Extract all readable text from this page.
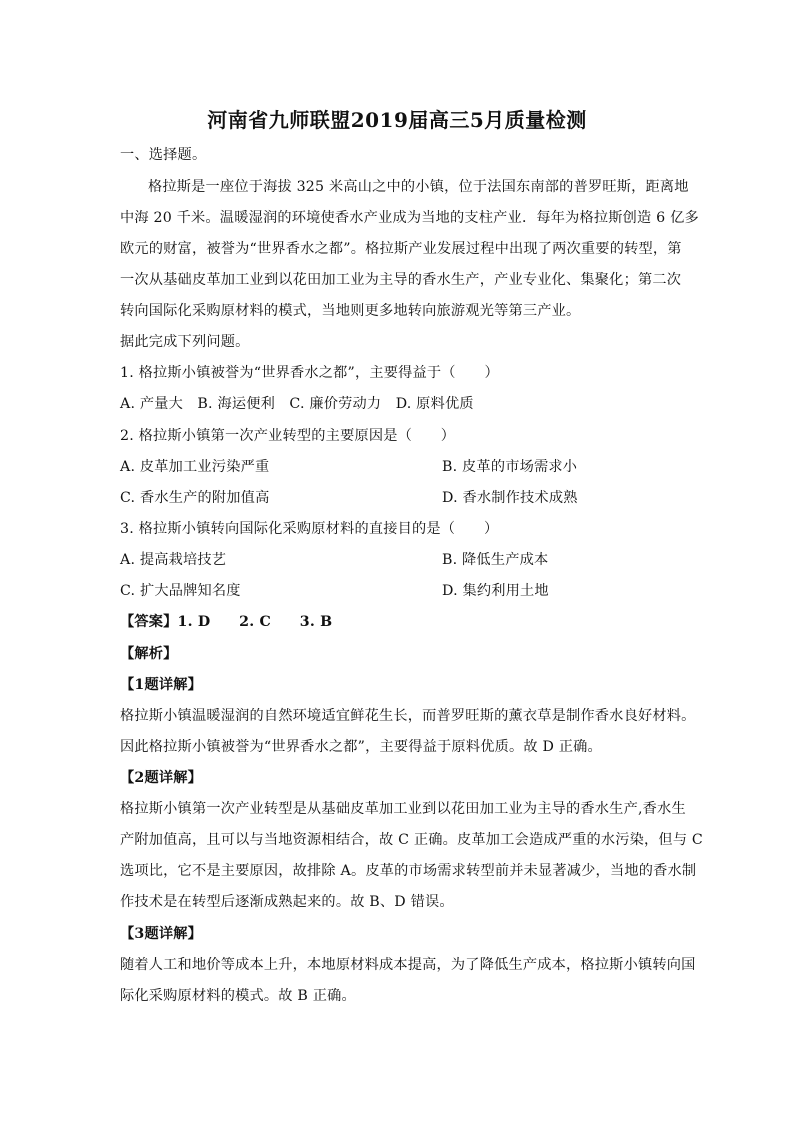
河南省九师联盟2019届高三5月质量检测
一、选择题。
格拉斯是一座位于海拔 325 米高山之中的小镇，位于法国东南部的普罗旺斯，距离地
中海 20 千米。温暖湿润的环境使香水产业成为当地的支柱产业．每年为格拉斯创造 6 亿多
欧元的财富，被誉为“世界香水之都”。格拉斯产业发展过程中出现了两次重要的转型，第
一次从基础皮革加工业到以花田加工业为主导的香水生产，产业专业化、集聚化；第二次
转向国际化采购原材料的模式，当地则更多地转向旅游观光等第三产业。
据此完成下列问题。
1. 格拉斯小镇被誉为“世界香水之都”，主要得益于（　　）
A. 产量大　B. 海运便利　C. 廉价劳动力　D. 原料优质
2. 格拉斯小镇第一次产业转型的主要原因是（　　）
A. 皮革加工业污染严重	B. 皮革的市场需求小
C. 香水生产的附加值高	D. 香水制作技术成熟
3. 格拉斯小镇转向国际化采购原材料的直接目的是（　　）
A. 提高栽培技艺	B. 降低生产成本
C. 扩大品牌知名度	D. 集约利用土地
【答案】1. D　　2. C　　3. B
【解析】
【1题详解】
格拉斯小镇温暖湿润的自然环境适宜鲜花生长，而普罗旺斯的薰衣草是制作香水良好材料。
因此格拉斯小镇被誉为“世界香水之都”，主要得益于原料优质。故 D 正确。
【2题详解】
格拉斯小镇第一次产业转型是从基础皮革加工业到以花田加工业为主导的香水生产,香水生
产附加值高，且可以与当地资源相结合，故 C 正确。皮革加工会造成严重的水污染，但与 C
选项比，它不是主要原因，故排除 A。皮革的市场需求转型前并未显著减少，当地的香水制
作技术是在转型后逐渐成熟起来的。故 B、D 错误。
【3题详解】
随着人工和地价等成本上升，本地原材料成本提高，为了降低生产成本，格拉斯小镇转向国
际化采购原材料的模式。故 B 正确。
